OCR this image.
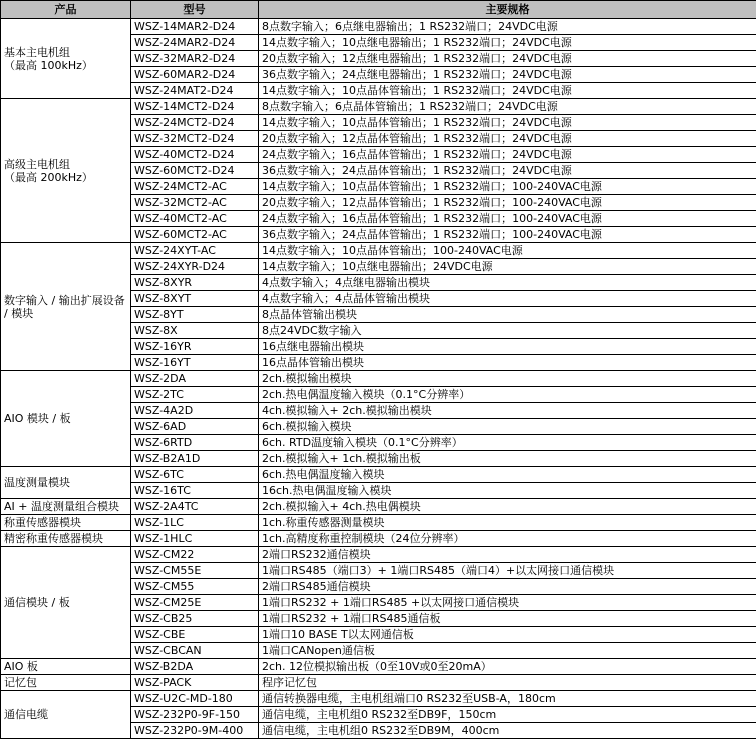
产品	型号	主要规格
基本主电机组
（最高 100kHz）	WSZ-14MAR2-D24	8点数字输入；6点继电器输出；1 RS232端口；24VDC电源
	WSZ-24MAR2-D24	14点数字输入；10点继电器输出；1 RS232端口；24VDC电源
	WSZ-32MAR2-D24	20点数字输入；12点继电器输出；1 RS232端口；24VDC电源
	WSZ-60MAR2-D24	36点数字输入；24点继电器输出；1 RS232端口；24VDC电源
	WSZ-24MAT2-D24	14点数字输入；10点晶体管输出；1 RS232端口；24VDC电源
高级主电机组
（最高 200kHz）	WSZ-14MCT2-D24	8点数字输入；6点晶体管输出；1 RS232端口；24VDC电源
	WSZ-24MCT2-D24	14点数字输入；10点晶体管输出；1 RS232端口；24VDC电源
	WSZ-32MCT2-D24	20点数字输入；12点晶体管输出；1 RS232端口；24VDC电源
	WSZ-40MCT2-D24	24点数字输入；16点晶体管输出；1 RS232端口；24VDC电源
	WSZ-60MCT2-D24	36点数字输入；24点晶体管输出；1 RS232端口；24VDC电源
	WSZ-24MCT2-AC	14点数字输入；10点晶体管输出；1 RS232端口；100-240VAC电源
	WSZ-32MCT2-AC	20点数字输入；12点晶体管输出；1 RS232端口；100-240VAC电源
	WSZ-40MCT2-AC	24点数字输入；16点晶体管输出；1 RS232端口；100-240VAC电源
	WSZ-60MCT2-AC	36点数字输入；24点晶体管输出；1 RS232端口；100-240VAC电源
数字输入 / 输出扩展设备 / 模块	WSZ-24XYT-AC	14点数字输入；10点晶体管输出；100-240VAC电源
	WSZ-24XYR-D24	14点数字输入；10点继电器输出；24VDC电源
	WSZ-8XYR	4点数字输入；4点继电器输出模块
	WSZ-8XYT	4点数字输入；4点晶体管输出模块
	WSZ-8YT	8点晶体管输出模块
	WSZ-8X	8点24VDC数字输入
	WSZ-16YR	16点继电器输出模块
	WSZ-16YT	16点晶体管输出模块
AIO 模块 / 板	WSZ-2DA	2ch.模拟输出模块
	WSZ-2TC	2ch.热电偶温度输入模块（0.1°C分辨率）
	WSZ-4A2D	4ch.模拟输入+ 2ch.模拟输出模块
	WSZ-6AD	6ch.模拟输入模块
	WSZ-6RTD	6ch. RTD温度输入模块（0.1°C分辨率）
	WSZ-B2A1D	2ch.模拟输入+ 1ch.模拟输出板
温度测量模块	WSZ-6TC	6ch.热电偶温度输入模块
	WSZ-16TC	16ch.热电偶温度输入模块
AI + 温度测量组合模块	WSZ-2A4TC	2ch.模拟输入+ 4ch.热电偶模块
称重传感器模块	WSZ-1LC	1ch.称重传感器测量模块
精密称重传感器模块	WSZ-1HLC	1ch.高精度称重控制模块（24位分辨率）
通信模块 / 板	WSZ-CM22	2端口RS232通信模块
	WSZ-CM55E	1端口RS485（端口3）+ 1端口RS485（端口4）+以太网接口通信模块
	WSZ-CM55	2端口RS485通信模块
	WSZ-CM25E	1端口RS232 + 1端口RS485 +以太网接口通信模块
	WSZ-CB25	1端口RS232 + 1端口RS485通信板
	WSZ-CBE	1端口10 BASE T以太网通信板
	WSZ-CBCAN	1端口CANopen通信板
AIO 板	WSZ-B2DA	2ch. 12位模拟输出板（0至10V或0至20mA）
记忆包	WSZ-PACK	程序记忆包
通信电缆	WSZ-U2C-MD-180	通信转换器电缆，主电机组端口0 RS232至USB-A，180cm
	WSZ-232P0-9F-150	通信电缆，主电机组0 RS232至DB9F，150cm
	WSZ-232P0-9M-400	通信电缆，主电机组0 RS232至DB9M，400cm
